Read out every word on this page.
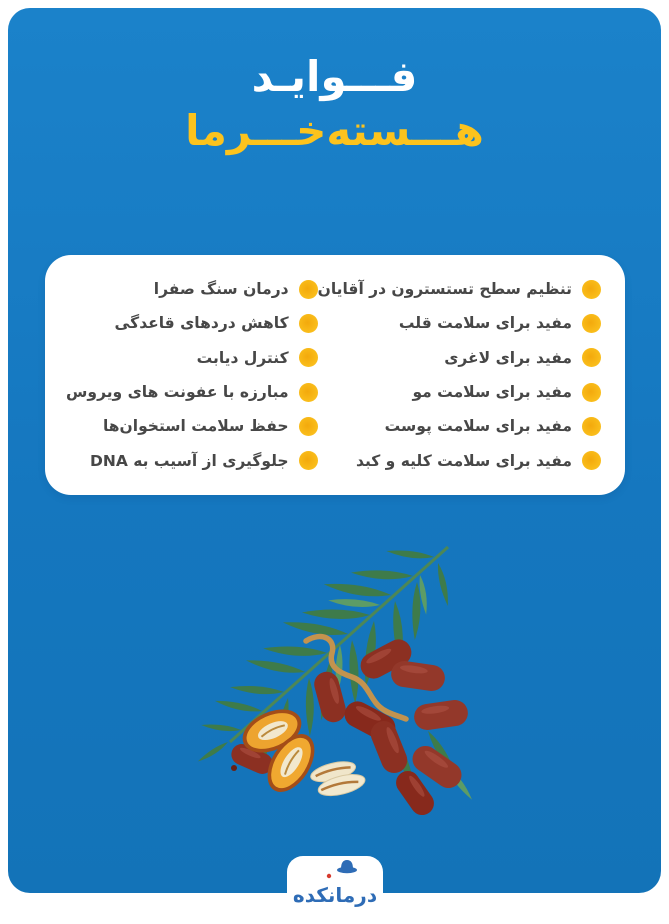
فـــوایـد
هـــسته‌خـــرما
تنظیم سطح تستسترون در آقایان
مفید برای سلامت قلب
مفید برای لاغری
مفید برای سلامت مو
مفید برای سلامت پوست
مفید برای سلامت کلیه و کبد
درمان سنگ صفرا
کاهش دردهای قاعدگی
کنترل دیابت
مبارزه با عفونت های ویروس
حفظ سلامت استخوان‌ها
جلوگیری از آسیب به DNA
درمانکده
